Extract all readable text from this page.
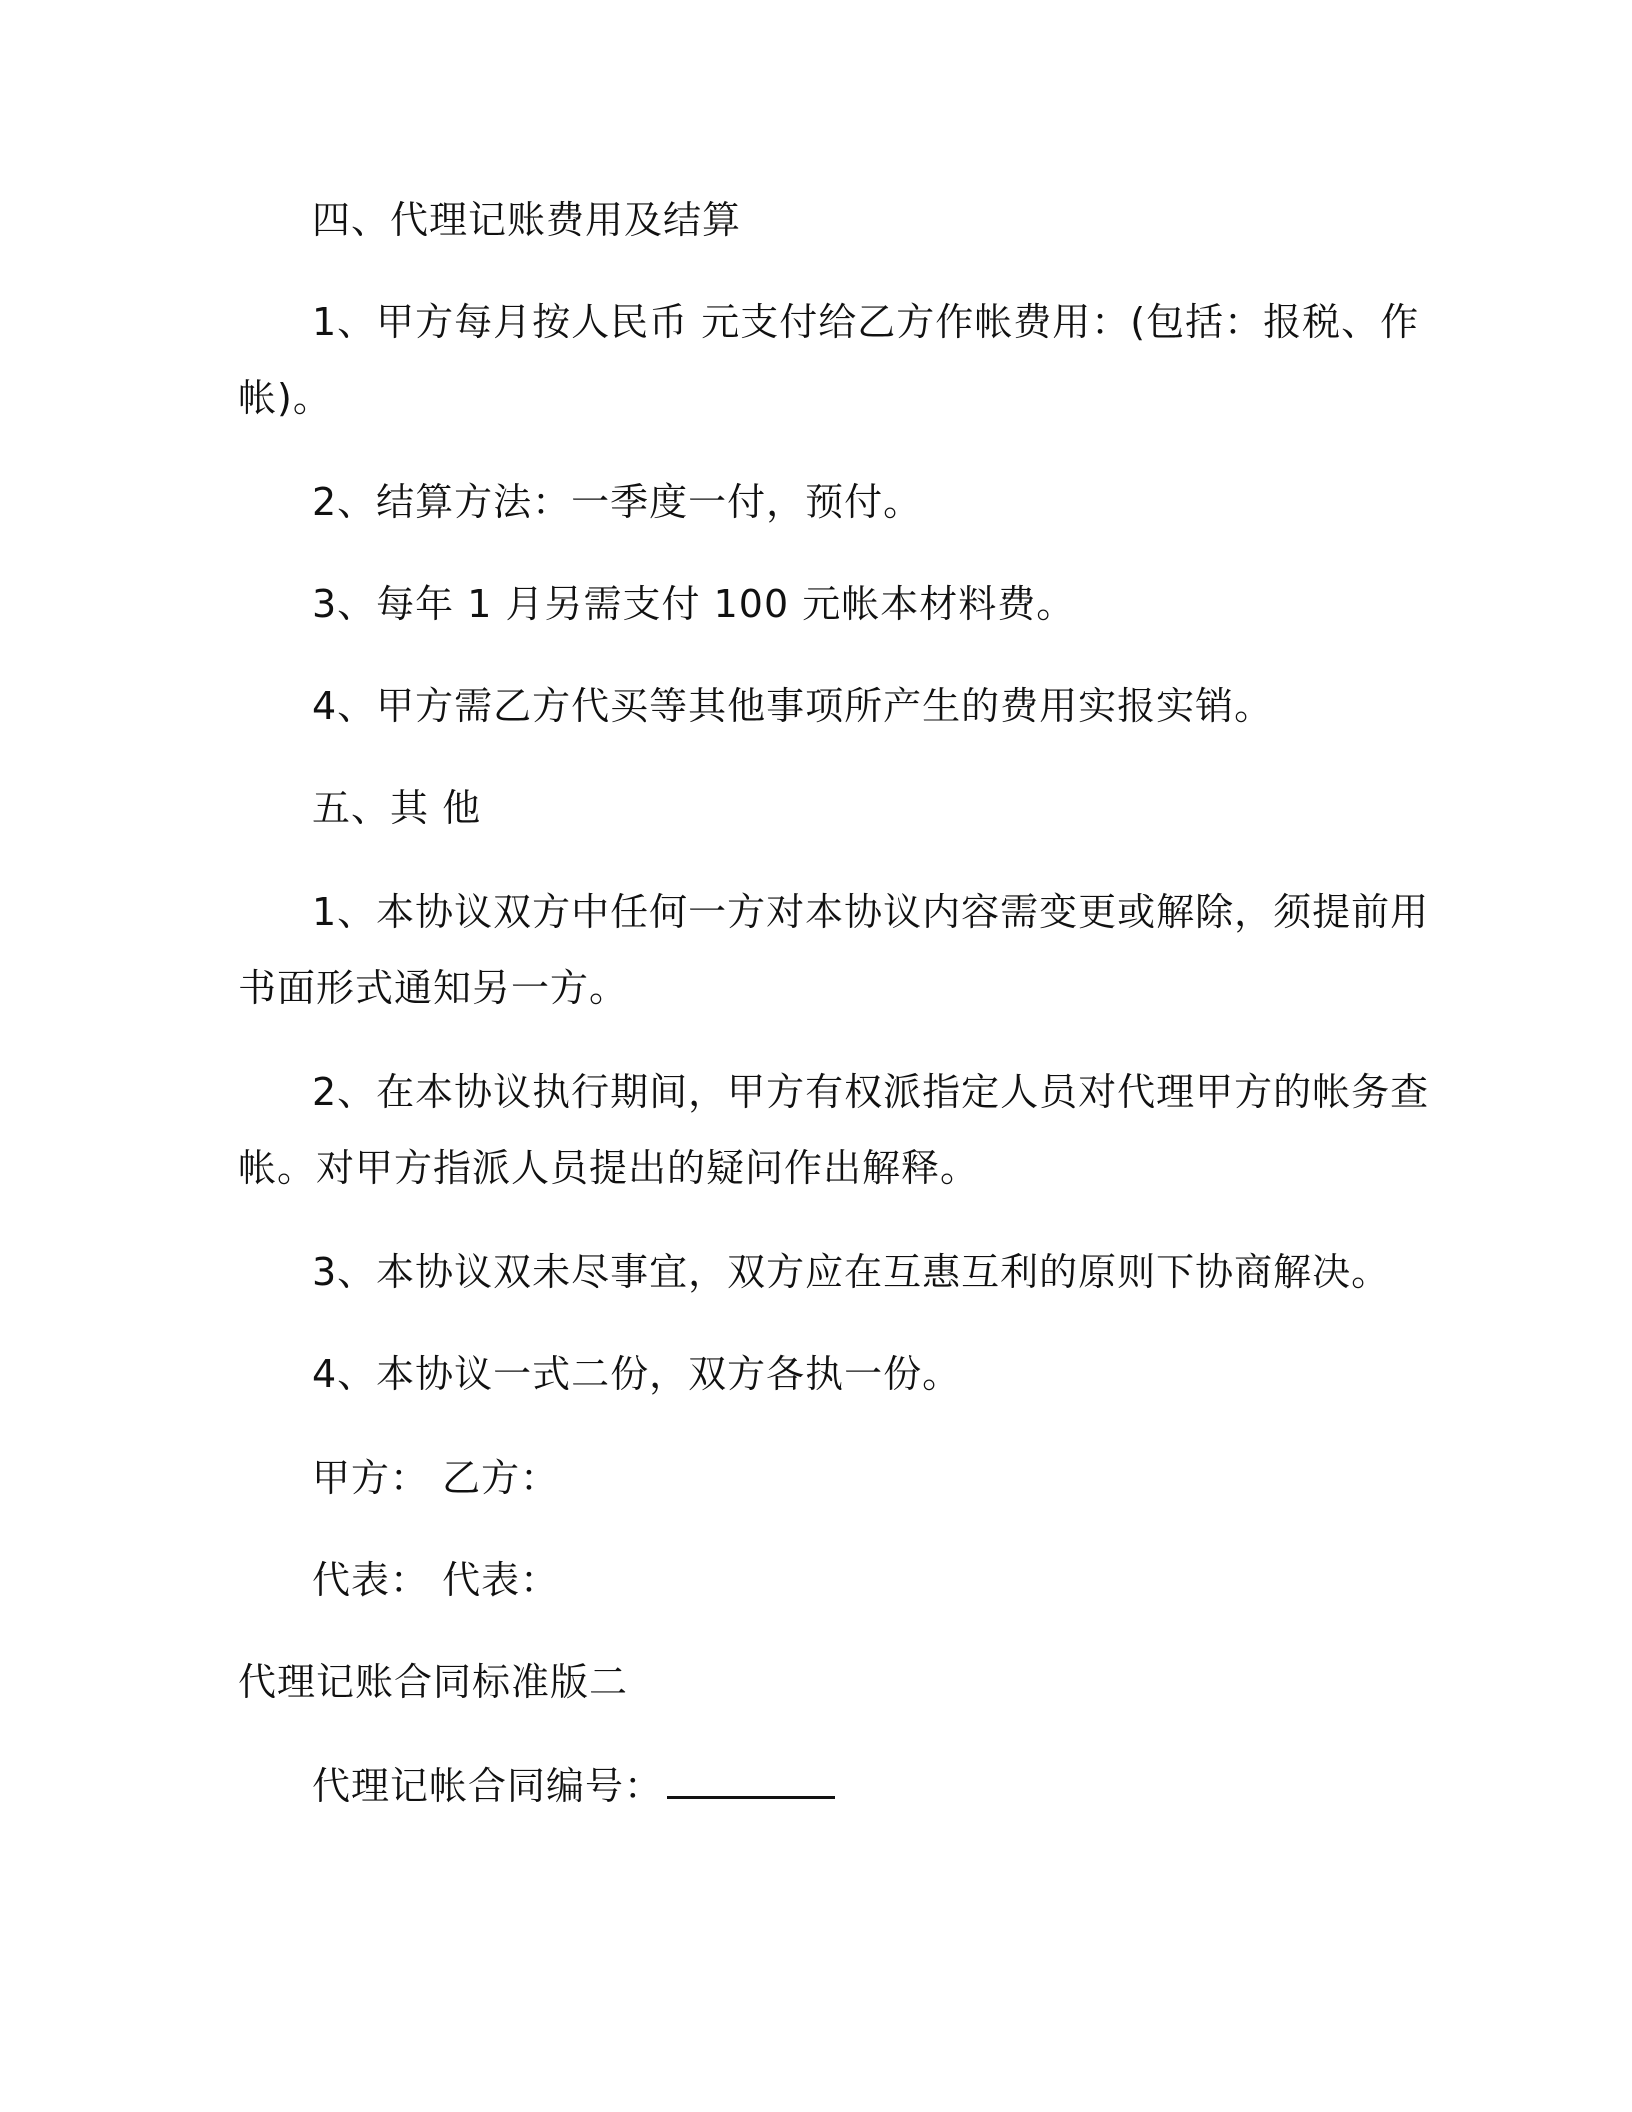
四、代理记账费用及结算
1、甲方每月按人民币 元支付给乙方作帐费用：(包括：报税、作
帐)。
2、结算方法：一季度一付，预付。
3、每年 1 月另需支付 100 元帐本材料费。
4、甲方需乙方代买等其他事项所产生的费用实报实销。
五、其 他
1、本协议双方中任何一方对本协议内容需变更或解除，须提前用
书面形式通知另一方。
2、在本协议执行期间，甲方有权派指定人员对代理甲方的帐务查
帐。对甲方指派人员提出的疑问作出解释。
3、本协议双未尽事宜，双方应在互惠互利的原则下协商解决。
4、本协议一式二份，双方各执一份。
甲方： 乙方：
代表： 代表：
代理记账合同标准版二
代理记帐合同编号：
